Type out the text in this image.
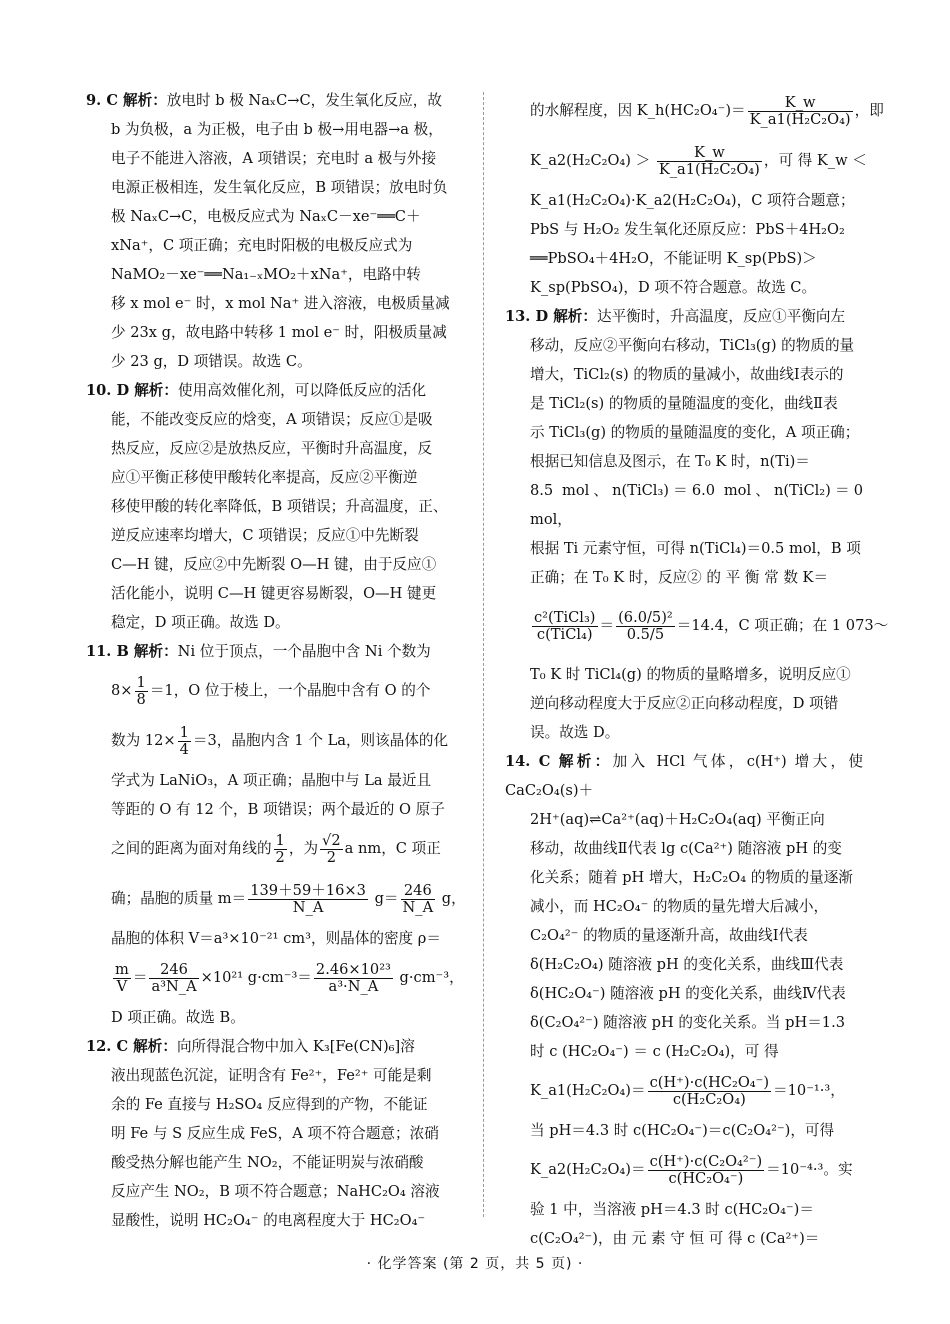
9. C 解析：放电时 b 极 NaₓC→C，发生氧化反应，故
b 为负极，a 为正极，电子由 b 极→用电器→a 极，
电子不能进入溶液，A 项错误；充电时 a 极与外接
电源正极相连，发生氧化反应，B 项错误；放电时负
极 NaₓC→C，电极反应式为 NaₓC－xe⁻══C＋
xNa⁺，C 项正确；充电时阳极的电极反应式为
NaMO₂－xe⁻══Na₁₋ₓMO₂＋xNa⁺，电路中转
移 x mol e⁻ 时，x mol Na⁺ 进入溶液，电极质量减
少 23x g，故电路中转移 1 mol e⁻ 时，阳极质量减
少 23 g，D 项错误。故选 C。
10. D 解析：使用高效催化剂，可以降低反应的活化
能，不能改变反应的焓变，A 项错误；反应①是吸
热反应，反应②是放热反应，平衡时升高温度，反
应①平衡正移使甲酸转化率提高，反应②平衡逆
移使甲酸的转化率降低，B 项错误；升高温度，正、
逆反应速率均增大，C 项错误；反应①中先断裂
C—H 键，反应②中先断裂 O—H 键，由于反应①
活化能小，说明 C—H 键更容易断裂，O—H 键更
稳定，D 项正确。故选 D。
11. B 解析：Ni 位于顶点，一个晶胞中含 Ni 个数为
$8\times \frac{1}{8} =1$，O 位于棱上，一个晶胞中含有 O 的个
数为 $12\times \frac{1}{4} =3$，晶胞内含 1 个 La，则该晶体的化
学式为 LaNiO₃，A 项正确；晶胞中与 La 最近且
等距的 O 有 12 个，B 项错误；两个最近的 O 原子
之间的距离为面对角线的 $\frac{1}{2}$ ，为 $\frac{√2}{2}$ a nm，C 项正
确；晶胞的质量 $m= \frac{139+59+16\times 3}{N\_A} g= \frac{246}{N\_A}$ g，
晶胞的体积 V＝a³×10⁻²¹ cm³，则晶体的密度 ρ＝
$\frac{m}{V} = \frac{246}{\text{a³N\_A}} \times 10^{21}$ $g\cdot cm^{-3}= \frac{\text{2.46×10²³}}{\text{a³·N\_A}} g\cdot cm^{-3}$，
D 项正确。故选 B。
12. C 解析：向所得混合物中加入 K₃[Fe(CN)₆]溶
液出现蓝色沉淀，证明含有 Fe²⁺，Fe²⁺ 可能是剩
余的 Fe 直接与 H₂SO₄ 反应得到的产物，不能证
明 Fe 与 S 反应生成 FeS，A 项不符合题意；浓硝
酸受热分解也能产生 NO₂，不能证明炭与浓硝酸
反应产生 NO₂，B 项不符合题意；NaHC₂O₄ 溶液
显酸性，说明 HC₂O₄⁻ 的电离程度大于 HC₂O₄⁻
的水解程度，因 K_h(HC₂O₄⁻)＝ $\frac{K\_w}{\text{K\_a1(H₂C₂O₄)}}$ ，即
K_a2(H₂C₂O₄) ＞ $\frac{K\_w}{\text{K\_a1(H₂C₂O₄)}}$ ，可 得 K_w ＜
K_a1(H₂C₂O₄)·K_a2(H₂C₂O₄)，C 项符合题意；
PbS 与 H₂O₂ 发生氧化还原反应：PbS＋4H₂O₂
══PbSO₄＋4H₂O，不能证明 K_sp(PbS)＞
K_sp(PbSO₄)，D 项不符合题意。故选 C。
13. D 解析：达平衡时，升高温度，反应①平衡向左
移动，反应②平衡向右移动，TiCl₃(g) 的物质的量
增大，TiCl₂(s) 的物质的量减小，故曲线Ⅰ表示的
是 TiCl₂(s) 的物质的量随温度的变化，曲线Ⅱ表
示 TiCl₃(g) 的物质的量随温度的变化，A 项正确；
根据已知信息及图示，在 T₀ K 时，n(Ti)＝
8.5 mol、n(TiCl₃)＝6.0 mol、n(TiCl₂)＝0 mol，
根据 Ti 元素守恒，可得 n(TiCl₄)＝0.5 mol，B 项
正确；在 T₀ K 时，反应② 的 平 衡 常 数 K＝
$\frac{\text{c²(TiCl₃)}}{\text{c(TiCl₄)}} = \frac{\text{(6.0/5)²}}{0.5/5} =14.4$，C 项正确；在 1 073～
T₀ K 时 TiCl₄(g) 的物质的量略增多，说明反应①
逆向移动程度大于反应②正向移动程度，D 项错
误。故选 D。
14. C 解析：加入 HCl 气体，c(H⁺) 增大，使 CaC₂O₄(s)＋
2H⁺(aq)⇌Ca²⁺(aq)＋H₂C₂O₄(aq) 平衡正向
移动，故曲线Ⅱ代表 lg c(Ca²⁺) 随溶液 pH 的变
化关系；随着 pH 增大，H₂C₂O₄ 的物质的量逐渐
减小，而 HC₂O₄⁻ 的物质的量先增大后减小，
C₂O₄²⁻ 的物质的量逐渐升高，故曲线Ⅰ代表
δ(H₂C₂O₄) 随溶液 pH 的变化关系，曲线Ⅲ代表
δ(HC₂O₄⁻) 随溶液 pH 的变化关系，曲线Ⅳ代表
δ(C₂O₄²⁻) 随溶液 pH 的变化关系。当 pH＝1.3
时 c (HC₂O₄⁻) ＝ c (H₂C₂O₄)，可 得
K_a1(H₂C₂O₄)＝ $\frac{\text{c(H⁺)·c(HC₂O₄⁻)}}{\text{c(H₂C₂O₄)}} =10^{-1}\cdot^3$，
当 pH＝4.3 时 c(HC₂O₄⁻)＝c(C₂O₄²⁻)，可得
K_a2(H₂C₂O₄)＝ $\frac{\text{c(H⁺)·c(C₂O₄²⁻)}}{\text{c(HC₂O₄⁻)}} =10^{-4}\cdot^3$。实
验 1 中，当溶液 pH＝4.3 时 c(HC₂O₄⁻)＝
c(C₂O₄²⁻)，由 元 素 守 恒 可 得 c (Ca²⁺)＝
· 化学答案 (第 2 页，共 5 页) ·
